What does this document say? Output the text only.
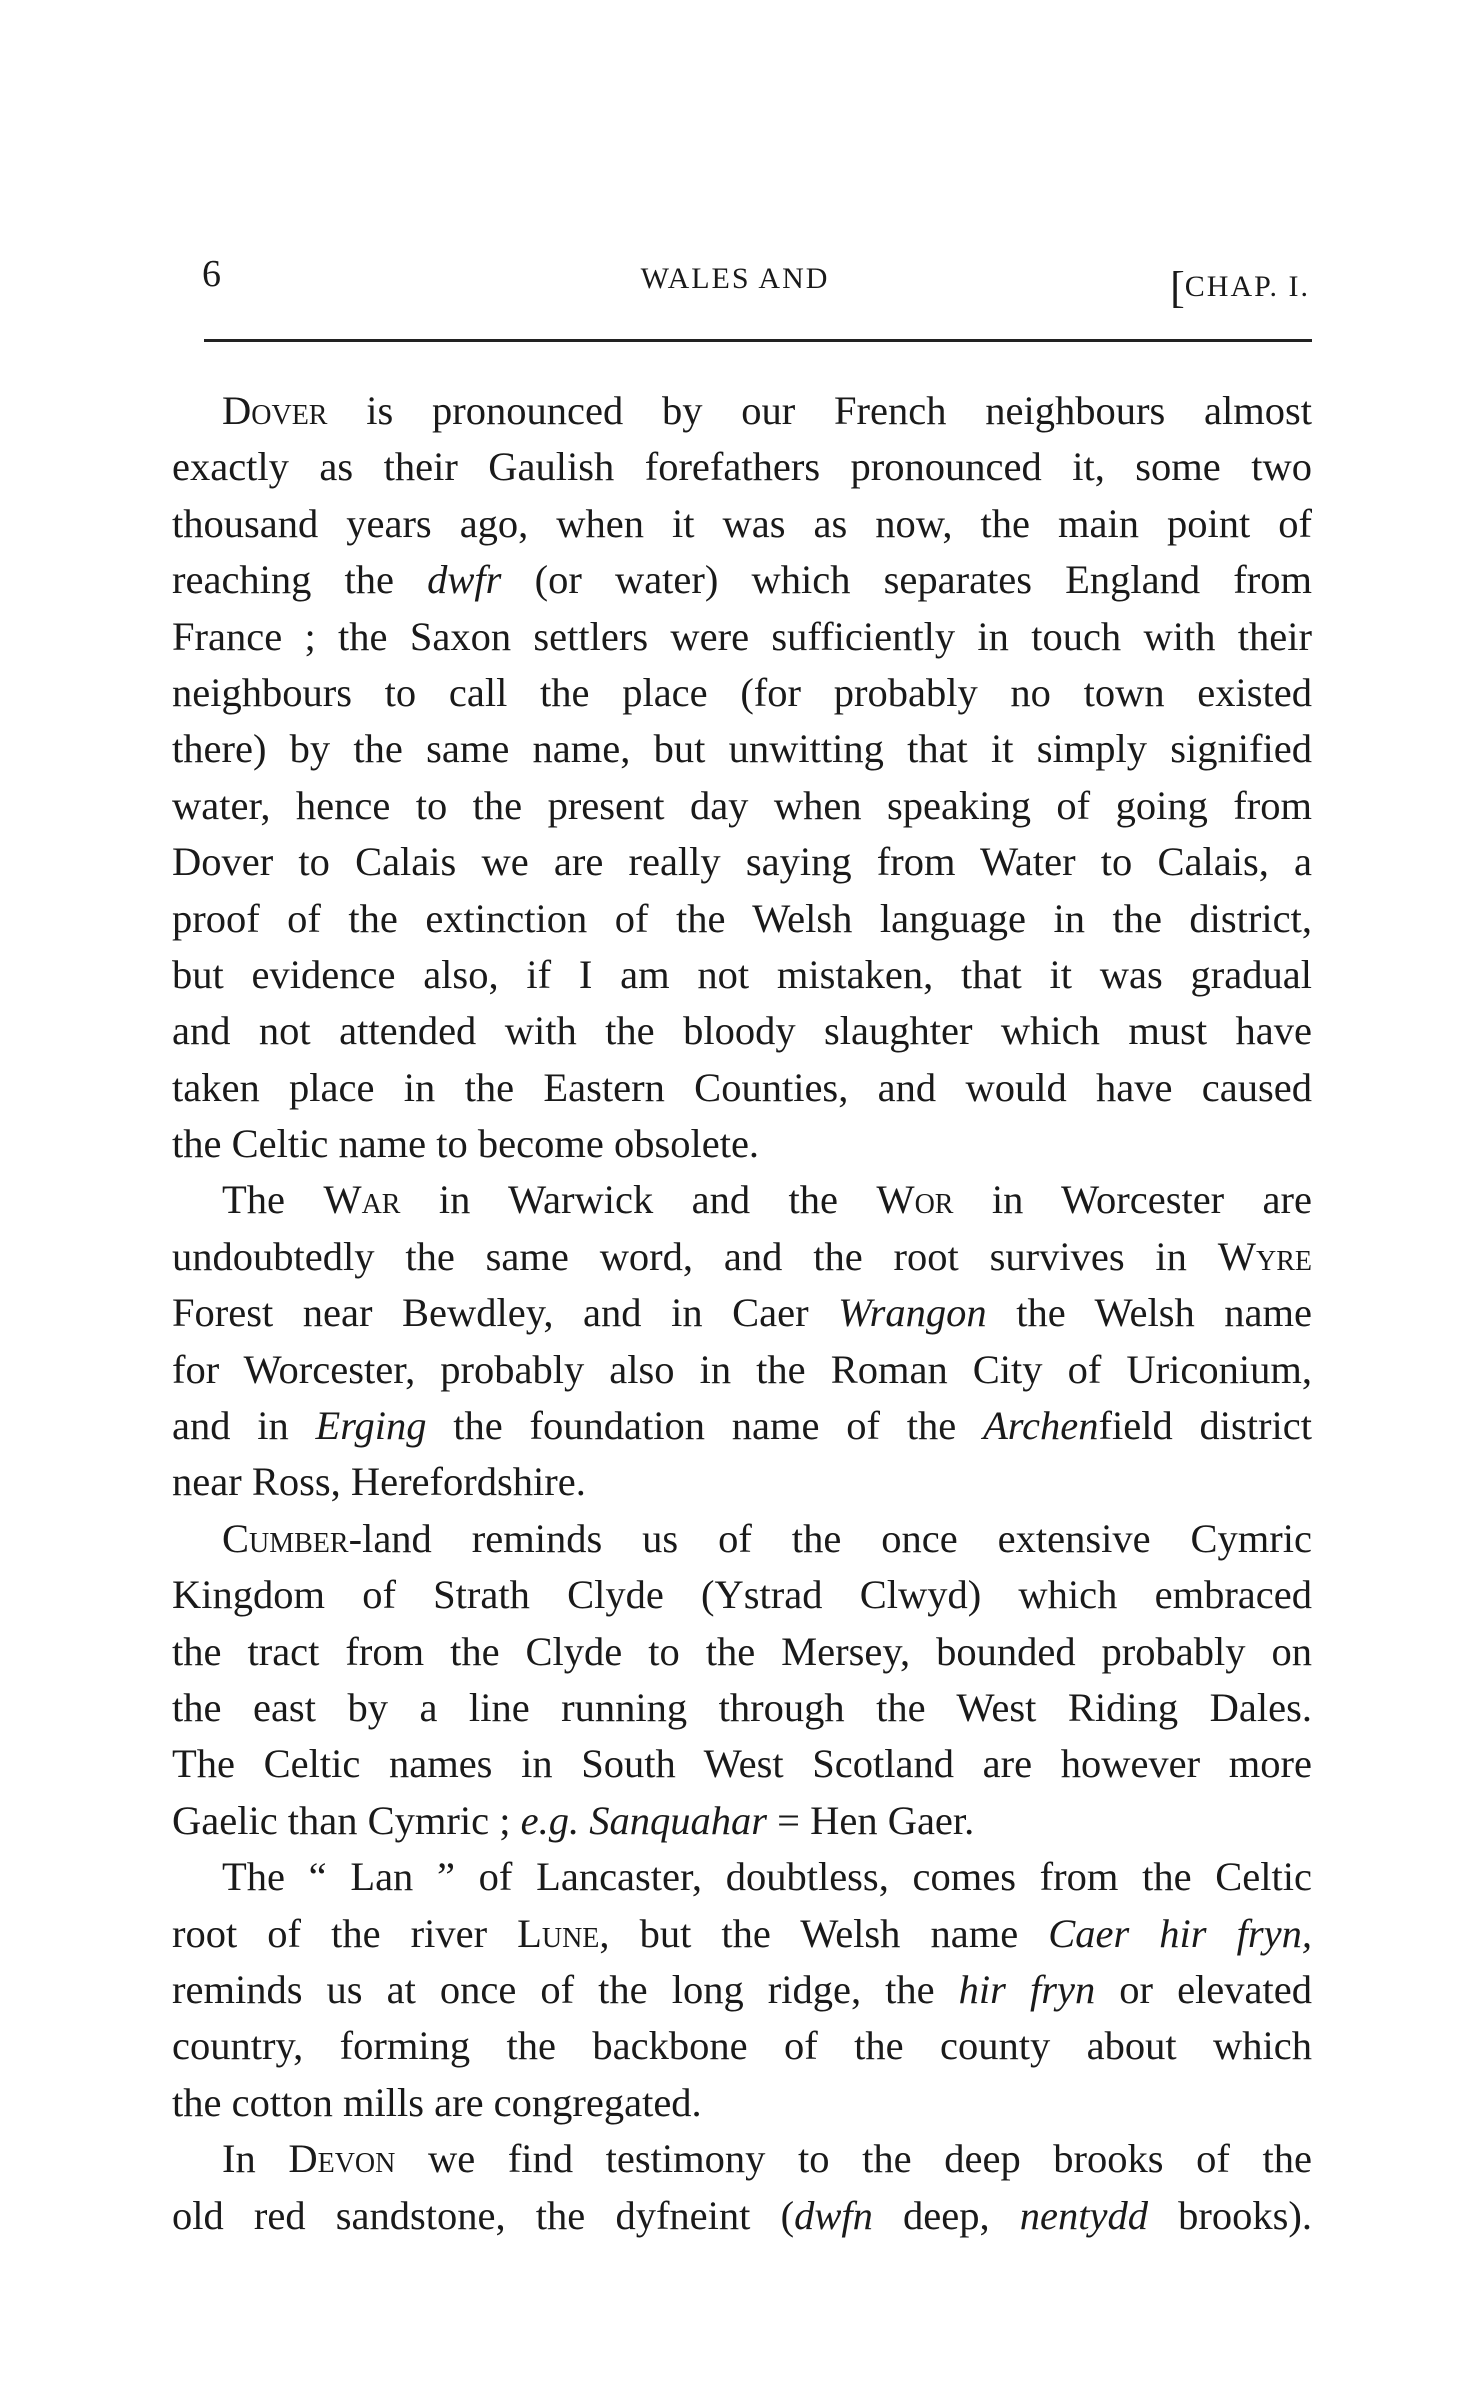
6	WALES AND	[CHAP. I.
Dover is pronounced by our French neighbours almost
exactly as their Gaulish forefathers pronounced it, some two
thousand years ago, when it was as now, the main point of
reaching the dwfr (or water) which separates England from
France ; the Saxon settlers were sufficiently in touch with their
neighbours to call the place (for probably no town existed
there) by the same name, but unwitting that it simply signified
water, hence to the present day when speaking of going from
Dover to Calais we are really saying from Water to Calais, a
proof of the extinction of the Welsh language in the district,
but evidence also, if I am not mistaken, that it was gradual
and not attended with the bloody slaughter which must have
taken place in the Eastern Counties, and would have caused
the Celtic name to become obsolete.
The War in Warwick and the Wor in Worcester are
undoubtedly the same word, and the root survives in Wyre
Forest near Bewdley, and in Caer Wrangon the Welsh name
for Worcester, probably also in the Roman City of Uriconium,
and in Erging the foundation name of the Archenfield district
near Ross, Herefordshire.
Cumber-land reminds us of the once extensive Cymric
Kingdom of Strath Clyde (Ystrad Clwyd) which embraced
the tract from the Clyde to the Mersey, bounded probably on
the east by a line running through the West Riding Dales.
The Celtic names in South West Scotland are however more
Gaelic than Cymric ; e.g. Sanquahar = Hen Gaer.
The “ Lan ” of Lancaster, doubtless, comes from the Celtic
root of the river Lune, but the Welsh name Caer hir fryn,
reminds us at once of the long ridge, the hir fryn or elevated
country, forming the backbone of the county about which
the cotton mills are congregated.
In Devon we find testimony to the deep brooks of the
old red sandstone, the dyfneint (dwfn deep, nentydd brooks).
